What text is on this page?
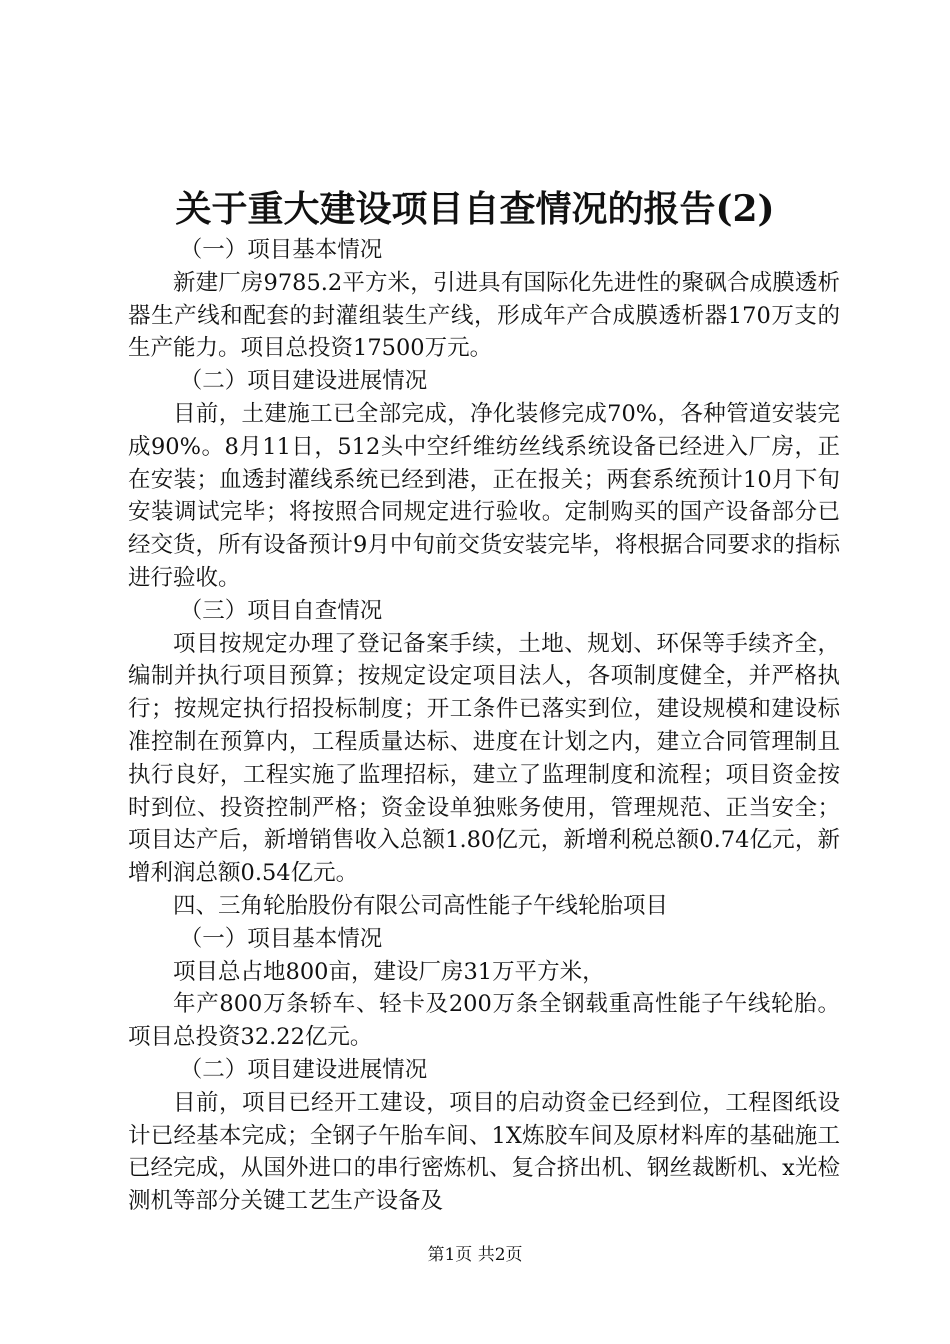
关于重大建设项目自查情况的报告(2)

（一）项目基本情况

新建厂房9785.2平方米，引进具有国际化先进性的聚砜合成膜透析器生产线和配套的封灌组装生产线，形成年产合成膜透析器170万支的生产能力。项目总投资17500万元。

（二）项目建设进展情况

目前，土建施工已全部完成，净化装修完成70%，各种管道安装完成90%。8月11日，512头中空纤维纺丝线系统设备已经进入厂房，正在安装；血透封灌线系统已经到港，正在报关；两套系统预计10月下旬安装调试完毕；将按照合同规定进行验收。定制购买的国产设备部分已经交货，所有设备预计9月中旬前交货安装完毕，将根据合同要求的指标进行验收。

（三）项目自查情况

项目按规定办理了登记备案手续，土地、规划、环保等手续齐全，编制并执行项目预算；按规定设定项目法人，各项制度健全，并严格执行；按规定执行招投标制度；开工条件已落实到位，建设规模和建设标准控制在预算内，工程质量达标、进度在计划之内，建立合同管理制且执行良好，工程实施了监理招标，建立了监理制度和流程；项目资金按时到位、投资控制严格；资金设单独账务使用，管理规范、正当安全；项目达产后，新增销售收入总额1.80亿元，新增利税总额0.74亿元，新增利润总额0.54亿元。

四、三角轮胎股份有限公司高性能子午线轮胎项目

（一）项目基本情况

项目总占地800亩，建设厂房31万平方米，

年产800万条轿车、轻卡及200万条全钢载重高性能子午线轮胎。项目总投资32.22亿元。

（二）项目建设进展情况

目前，项目已经开工建设，项目的启动资金已经到位，工程图纸设计已经基本完成；全钢子午胎车间、1X炼胶车间及原材料库的基础施工已经完成，从国外进口的串行密炼机、复合挤出机、钢丝裁断机、x光检测机等部分关键工艺生产设备及

第1页 共2页
